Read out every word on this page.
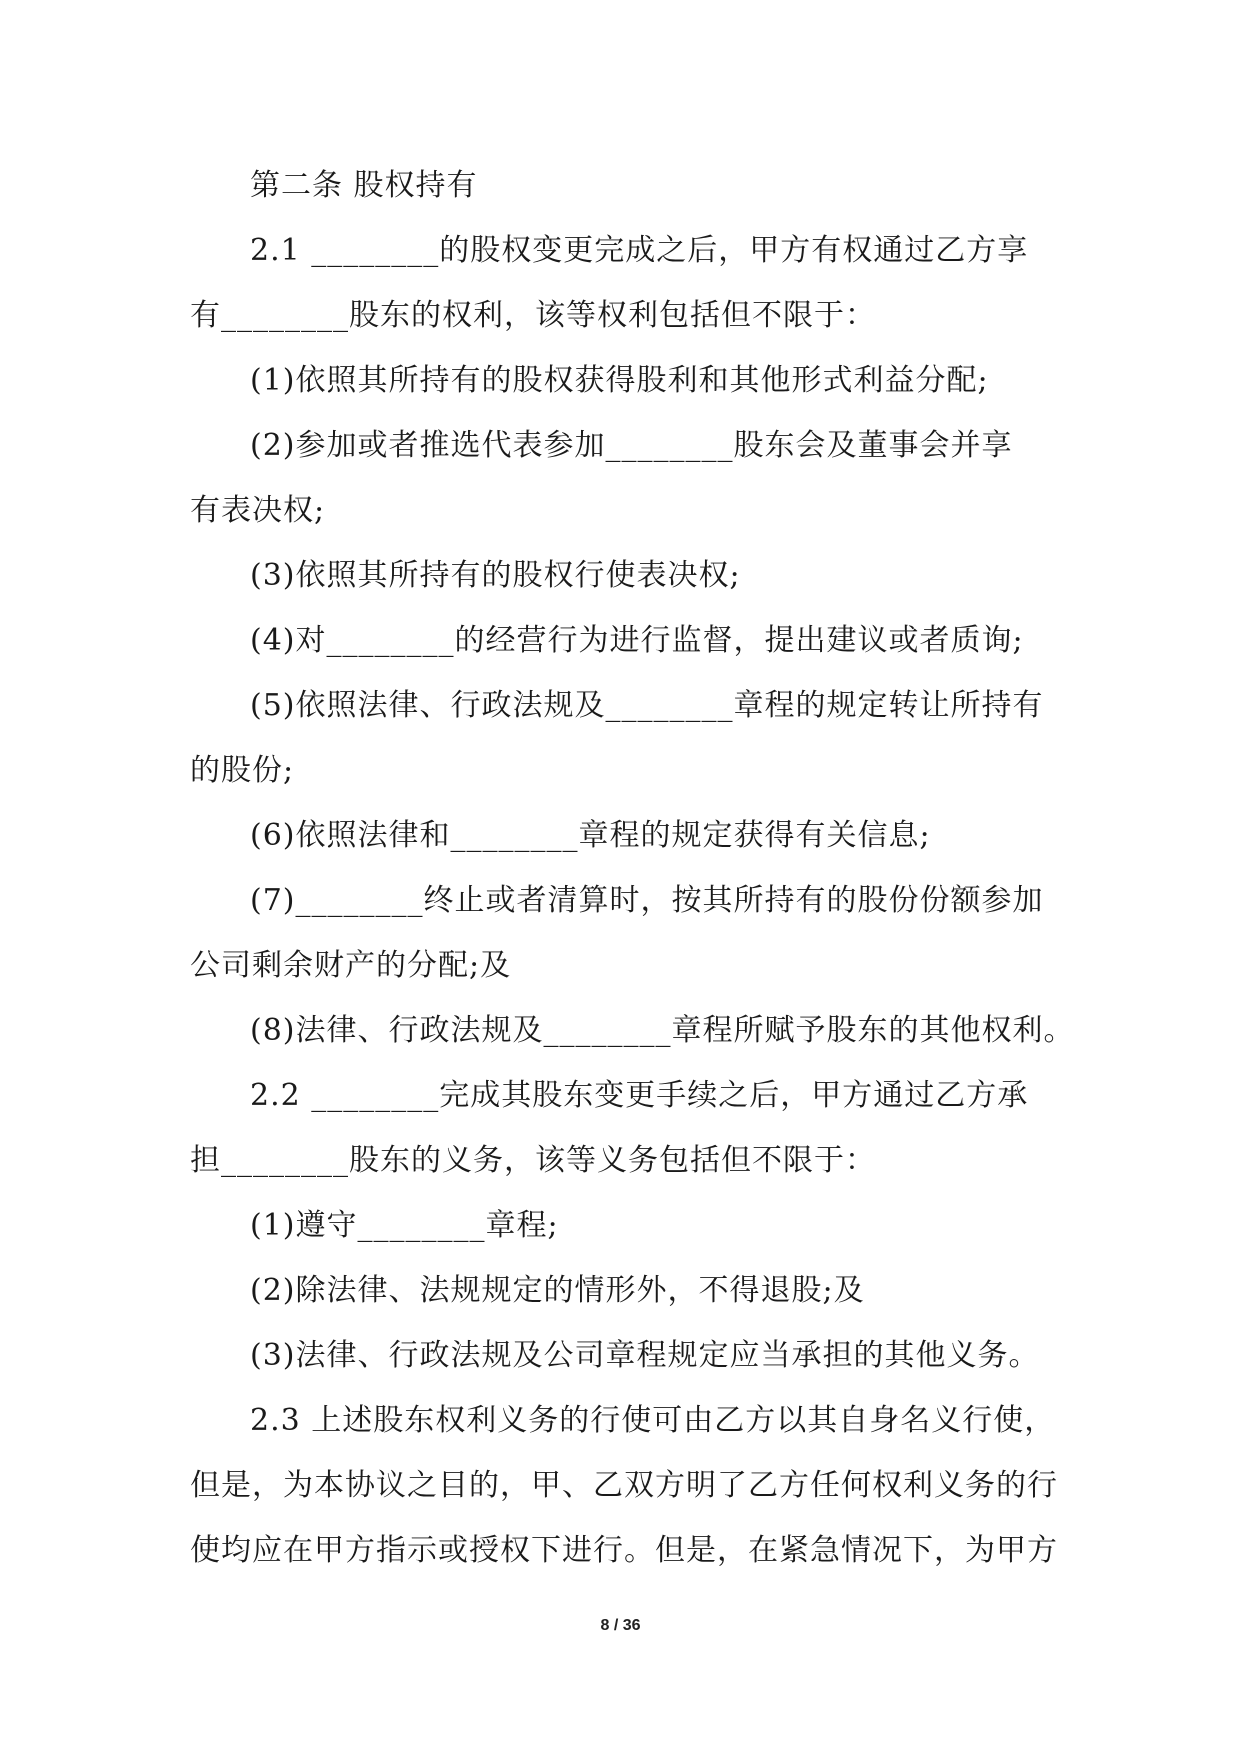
第二条 股权持有
2.1 ________的股权变更完成之后，甲方有权通过乙方享
有________股东的权利，该等权利包括但不限于：
(1)依照其所持有的股权获得股利和其他形式利益分配;
(2)参加或者推选代表参加________股东会及董事会并享
有表决权;
(3)依照其所持有的股权行使表决权;
(4)对________的经营行为进行监督，提出建议或者质询;
(5)依照法律、行政法规及________章程的规定转让所持有
的股份;
(6)依照法律和________章程的规定获得有关信息;
(7)________终止或者清算时，按其所持有的股份份额参加
公司剩余财产的分配;及
(8)法律、行政法规及________章程所赋予股东的其他权利。
2.2 ________完成其股东变更手续之后，甲方通过乙方承
担________股东的义务，该等义务包括但不限于：
(1)遵守________章程;
(2)除法律、法规规定的情形外，不得退股;及
(3)法律、行政法规及公司章程规定应当承担的其他义务。
2.3 上述股东权利义务的行使可由乙方以其自身名义行使，
但是，为本协议之目的，甲、乙双方明了乙方任何权利义务的行
使均应在甲方指示或授权下进行。但是，在紧急情况下，为甲方
8 / 36
